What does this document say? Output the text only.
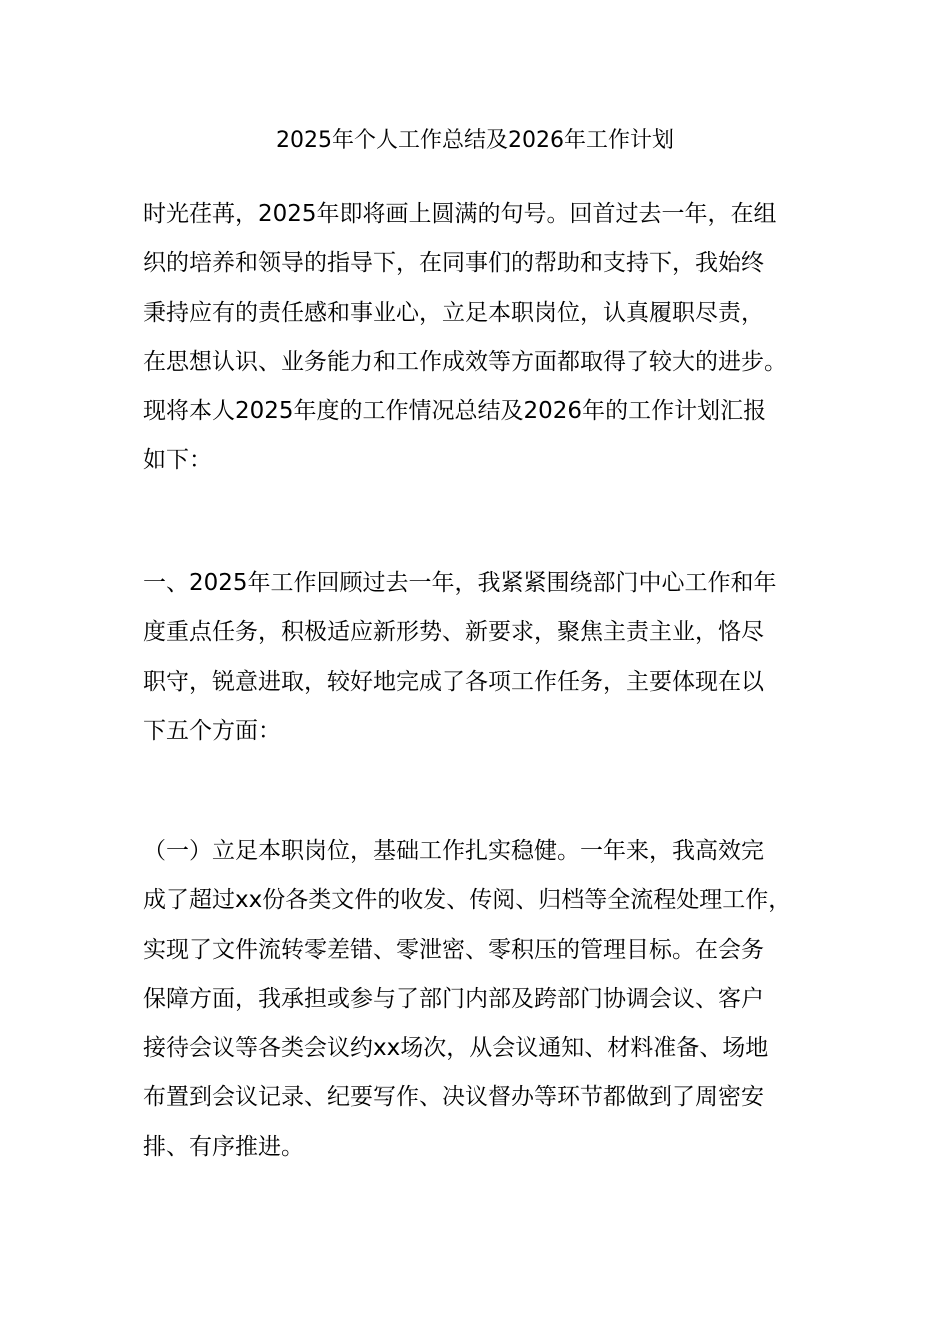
2025年个人工作总结及2026年工作计划
时光荏苒，2025年即将画上圆满的句号。回首过去一年，在组
织的培养和领导的指导下，在同事们的帮助和支持下，我始终
秉持应有的责任感和事业心，立足本职岗位，认真履职尽责，
在思想认识、业务能力和工作成效等方面都取得了较大的进步。
现将本人2025年度的工作情况总结及2026年的工作计划汇报
如下：
一、2025年工作回顾过去一年，我紧紧围绕部门中心工作和年
度重点任务，积极适应新形势、新要求，聚焦主责主业，恪尽
职守，锐意进取，较好地完成了各项工作任务，主要体现在以
下五个方面：
（一）立足本职岗位，基础工作扎实稳健。一年来，我高效完
成了超过xx份各类文件的收发、传阅、归档等全流程处理工作，
实现了文件流转零差错、零泄密、零积压的管理目标。在会务
保障方面，我承担或参与了部门内部及跨部门协调会议、客户
接待会议等各类会议约xx场次，从会议通知、材料准备、场地
布置到会议记录、纪要写作、决议督办等环节都做到了周密安
排、有序推进。
